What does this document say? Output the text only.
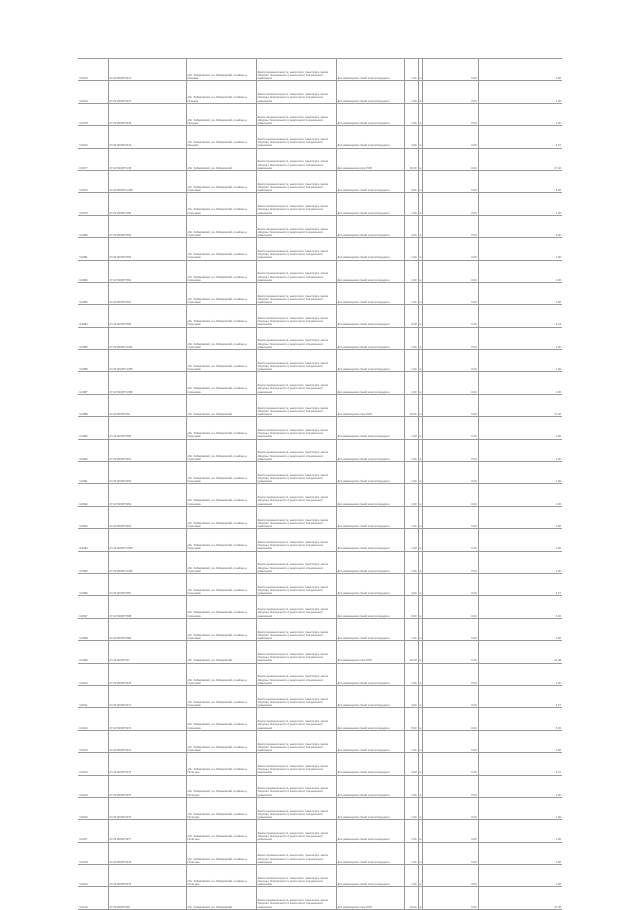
Ч-0015	27:22:003457:947	обл. Хабаровский, р-н Хабаровский, в районе д. Ильинка	Земли промышленности, энергетики, транспорта, земли обороны, безопасности и земли иного специального назначения	Для размещения линий электропередачи	1,00	м	0,00	1,00
Ч-0014	27:22:003457:947	обл. Хабаровский, р-н Хабаровский, в районе д. Ильинка	Земли промышленности, энергетики, транспорта, земли обороны, безопасности и земли иного специального назначения	Для размещения линий электропередачи	1,00	м	0,00	1,00
Ч-0078	27:22:003457:946	обл. Хабаровский, р-н Хабаровский, в районе д. Ильинка	Земли промышленности, энергетики, транспорта, земли обороны, безопасности и земли иного специального назначения	Для размещения линий электропередачи	1,00	м	0,00	1,00
Ч-0016	27:22:003457:944	обл. Хабаровский, р-н Хабаровский, в районе д. Ильинка	Земли промышленности, энергетики, транспорта, земли обороны, безопасности и земли иного специального назначения	Для размещения линий электропередачи	4,00	м	0,00	4,37
Ч-0077	27:22:003457:135	обл. Хабаровский, р-н Хабаровский	Земли промышленности, энергетики, транспорта, земли обороны, безопасности и земли иного специального назначения	Для размещения опор ЛЭП	16,00	м	0,00	17,40
Ч-0076	27:22:003457:1359	обл. Хабаровский, р-н Хабаровский, в районе д. Сергеевка	Земли промышленности, энергетики, транспорта, земли обороны, безопасности и земли иного специального назначения	Для размещения линий электропередачи	3,00	м	0,00	3,00
Ч-0075	27:22:003457:480	обл. Хабаровский, р-н Хабаровский, в районе д. Сергеевка	Земли промышленности, энергетики, транспорта, земли обороны, безопасности и земли иного специального назначения	Для размещения линий электропередачи	1,00	м	0,00	1,00
Ч-0080	27:22:003457:562	обл. Хабаровский, р-н Хабаровский, в районе д. Сергеевка	Земли промышленности, энергетики, транспорта, земли обороны, безопасности и земли иного специального назначения	Для размещения линий электропередачи	3,00	м	0,00	3,00
Ч-0081	27:22:003457:563	обл. Хабаровский, р-н Хабаровский, в районе д. Сергеевка	Земли промышленности, энергетики, транспорта, земли обороны, безопасности и земли иного специального назначения	Для размещения линий электропередачи	1,00	м	0,00	1,00
Ч-0082	27:22:003457:564	обл. Хабаровский, р-н Хабаровский, в районе д. Сергеевка	Земли промышленности, энергетики, транспорта, земли обороны, безопасности и земли иного специального назначения	Для размещения линий электропередачи	1,00	м	0,00	1,00
Ч-0083	27:22:003457:567	обл. Хабаровский, р-н Хабаровский, в районе д. Сергеевка	Земли промышленности, энергетики, транспорта, земли обороны, безопасности и земли иного специального назначения	Для размещения линий электропередачи	1,00	м	0,00	1,00
Ч-0084	27:22:003457:584	обл. Хабаровский, р-н Хабаровский, в районе д. Сергеевка	Земли промышленности, энергетики, транспорта, земли обороны, безопасности и земли иного специального назначения	Для размещения линий электропередачи	6,00	м	0,00	6,44
Ч-0085	27:22:003457:1351	обл. Хабаровский, р-н Хабаровский, в районе д. Сергеевка	Земли промышленности, энергетики, транспорта, земли обороны, безопасности и земли иного специального назначения	Для размещения линий электропередачи	1,00	м	0,00	1,00
Ч-0086	27:22:003457:1355	обл. Хабаровский, р-н Хабаровский, в районе д. Сергеевка	Земли промышленности, энергетики, транспорта, земли обороны, безопасности и земли иного специального назначения	Для размещения линий электропередачи	1,00	м	0,00	1,00
Ч-0087	27:22:003457:1356	обл. Хабаровский, р-н Хабаровский, в районе д. Сергеевка	Земли промышленности, энергетики, транспорта, земли обороны, безопасности и земли иного специального назначения	Для размещения линий электропередачи	1,00	м	0,00	1,00
Ч-0088	27:22:003457:58	обл. Хабаровский, р-н Хабаровский	Земли промышленности, энергетики, транспорта, земли обороны, безопасности и земли иного специального назначения	Для размещения опор ЛЭП	16,00	м	0,00	17,40
Ч-0089	27:22:003457:585	обл. Хабаровский, р-н Хабаровский, в районе д. Сергеевка	Земли промышленности, энергетики, транспорта, земли обороны, безопасности и земли иного специального назначения	Для размещения линий электропередачи	1,00	м	0,00	1,00
Ч-0090	27:22:003457:961	обл. Хабаровский, р-н Хабаровский, в районе д. Сергеевка	Земли промышленности, энергетики, транспорта, земли обороны, безопасности и земли иного специального назначения	Для размещения линий электропередачи	1,00	м	0,00	1,00
Ч-0091	27:22:003457:962	обл. Хабаровский, р-н Хабаровский, в районе д. Сергеевка	Земли промышленности, энергетики, транспорта, земли обороны, безопасности и земли иного специального назначения	Для размещения линий электропередачи	1,00	м	0,00	1,00
Ч-0092	27:22:003457:963	обл. Хабаровский, р-н Хабаровский, в районе д. Сергеевка	Земли промышленности, энергетики, транспорта, земли обороны, безопасности и земли иного специального назначения	Для размещения линий электропередачи	1,00	м	0,00	1,00
Ч-0093	27:22:003457:964	обл. Хабаровский, р-н Хабаровский, в районе д. Сергеевка	Земли промышленности, энергетики, транспорта, земли обороны, безопасности и земли иного специального назначения	Для размещения линий электропередачи	1,00	м	0,00	1,00
Ч-0094	27:22:003457:1365	обл. Хабаровский, р-н Хабаровский, в районе д. Сергеевка	Земли промышленности, энергетики, транспорта, земли обороны, безопасности и земли иного специального назначения	Для размещения линий электропередачи	1,00	м	0,00	1,00
Ч-0095	27:22:003457:1366	обл. Хабаровский, р-н Хабаровский, в районе д. Сергеевка	Земли промышленности, энергетики, транспорта, земли обороны, безопасности и земли иного специального назначения	Для размещения линий электропередачи	1,00	м	0,00	1,00
Ч-0096	27:22:003457:587	обл. Хабаровский, р-н Хабаровский, в районе д. Сергеевка	Земли промышленности, энергетики, транспорта, земли обороны, безопасности и земли иного специального назначения	Для размещения линий электропередачи	4,00	м	0,00	4,37
Ч-0097	27:22:003457:588	обл. Хабаровский, р-н Хабаровский, в районе д. Сергеевка	Земли промышленности, энергетики, транспорта, земли обороны, безопасности и земли иного специального назначения	Для размещения линий электропередачи	6,00	м	0,00	6,46
Ч-0098	27:22:003457:589	обл. Хабаровский, р-н Хабаровский, в районе д. Сергеевка	Земли промышленности, энергетики, транспорта, земли обороны, безопасности и земли иного специального назначения	Для размещения линий электропередачи	1,00	м	0,00	1,00
Ч-0099	27:22:003457:97	обл. Хабаровский, р-н Хабаровский	Земли промышленности, энергетики, транспорта, земли обороны, безопасности и земли иного специального назначения	Для размещения опор ЛЭП	16,00	м	0,00	14,38
Ч-0100	27:22:003457:970	обл. Хабаровский, р-н Хабаровский, в районе д. Сергеевка	Земли промышленности, энергетики, транспорта, земли обороны, безопасности и земли иного специального назначения	Для размещения линий электропередачи	1,00	м	0,00	1,00
Ч-0101	27:22:003457:971	обл. Хабаровский, р-н Хабаровский, в районе д. Сергеевка	Земли промышленности, энергетики, транспорта, земли обороны, безопасности и земли иного специального назначения	Для размещения линий электропередачи	4,00	м	0,00	4,37
Ч-0102	27:22:003457:972	обл. Хабаровский, р-н Хабаровский, в районе д. Сергеевка	Земли промышленности, энергетики, транспорта, земли обороны, безопасности и земли иного специального назначения	Для размещения линий электропередачи	5,00	м	0,00	5,46
Ч-0103	27:22:003457:973	обл. Хабаровский, р-н Хабаровский, в районе д. Сергеевка	Земли промышленности, энергетики, транспорта, земли обороны, безопасности и земли иного специального назначения	Для размещения линий электропередачи	1,00	м	0,00	1,00
Ч-0104	27:22:003457:974	обл. Хабаровский, р-н Хабаровский, в районе д. Полетное	Земли промышленности, энергетики, транспорта, земли обороны, безопасности и земли иного специального назначения	Для размещения линий электропередачи	4,00	м	0,00	4,37
Ч-0105	27:22:003457:975	обл. Хабаровский, р-н Хабаровский, в районе д. Полетное	Земли промышленности, энергетики, транспорта, земли обороны, безопасности и земли иного специального назначения	Для размещения линий электропередачи	1,00	м	0,00	1,00
Ч-0106	27:22:003457:976	обл. Хабаровский, р-н Хабаровский, в районе д. Полетное	Земли промышленности, энергетики, транспорта, земли обороны, безопасности и земли иного специального назначения	Для размещения линий электропередачи	1,00	м	0,00	1,00
Ч-0107	27:22:003457:977	обл. Хабаровский, р-н Хабаровский, в районе д. Полетное	Земли промышленности, энергетики, транспорта, земли обороны, безопасности и земли иного специального назначения	Для размещения линий электропередачи	1,00	м	0,00	1,00
Ч-0108	27:22:003457:978	обл. Хабаровский, р-н Хабаровский, в районе д. Полетное	Земли промышленности, энергетики, транспорта, земли обороны, безопасности и земли иного специального назначения	Для размещения линий электропередачи	1,00	м	0,00	1,00
Ч-0109	27:22:003457:979	обл. Хабаровский, р-н Хабаровский, в районе д. Полетное	Земли промышленности, энергетики, транспорта, земли обороны, безопасности и земли иного специального назначения	Для размещения линий электропередачи	1,00	м	0,00	1,00
Ч-0110	27:22:003457:98	обл. Хабаровский, р-н Хабаровский	Земли промышленности, энергетики, транспорта, земли обороны, безопасности и земли иного специального назначения	Для размещения опор ЛЭП	16,00	м	0,00	17,40
